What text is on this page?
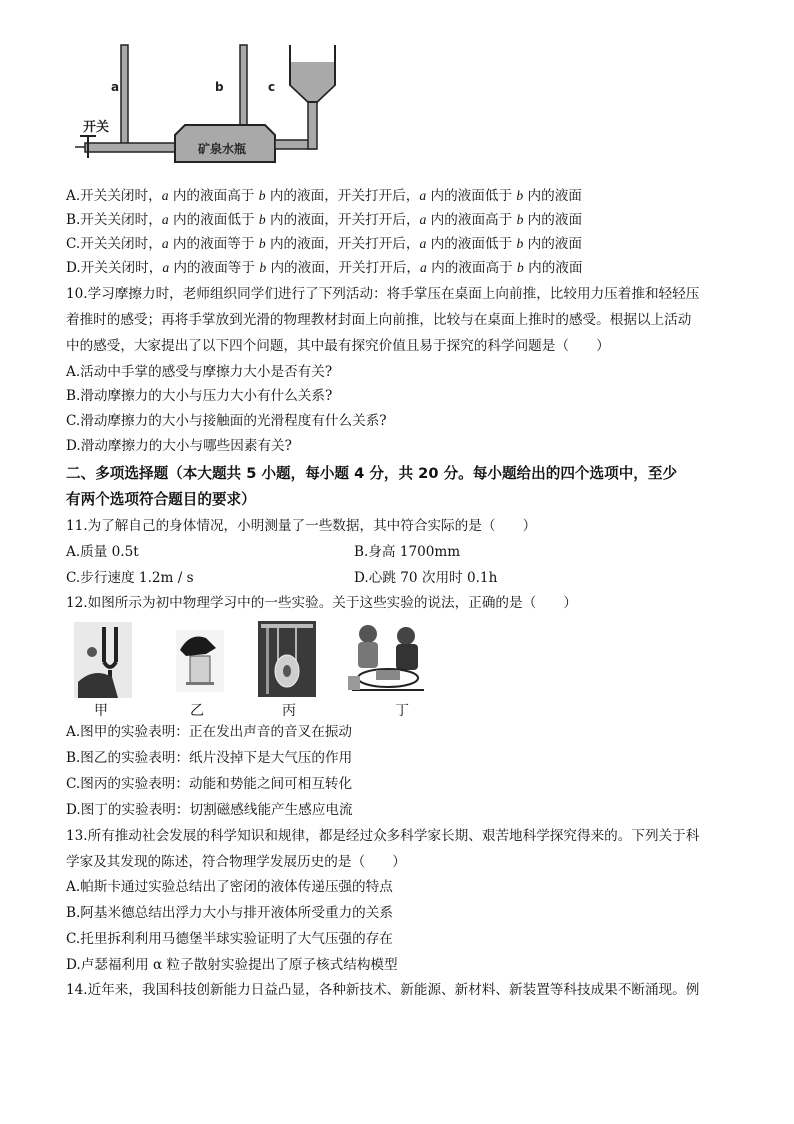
a	b	c
开关
矿泉水瓶
A.开关关闭时，a 内的液面高于 b 内的液面，开关打开后，a 内的液面低于 b 内的液面
B.开关关闭时，a 内的液面低于 b 内的液面，开关打开后，a 内的液面高于 b 内的液面
C.开关关闭时，a 内的液面等于 b 内的液面，开关打开后，a 内的液面低于 b 内的液面
D.开关关闭时，a 内的液面等于 b 内的液面，开关打开后，a 内的液面高于 b 内的液面
10.学习摩擦力时，老师组织同学们进行了下列活动：将手掌压在桌面上向前推，比较用力压着推和轻轻压
着推时的感受；再将手掌放到光滑的物理教材封面上向前推，比较与在桌面上推时的感受。根据以上活动
中的感受，大家提出了以下四个问题，其中最有探究价值且易于探究的科学问题是（　　）
A.活动中手掌的感受与摩擦力大小是否有关?
B.滑动摩擦力的大小与压力大小有什么关系?
C.滑动摩擦力的大小与接触面的光滑程度有什么关系?
D.滑动摩擦力的大小与哪些因素有关?
二、多项选择题（本大题共 5 小题，每小题 4 分，共 20 分。每小题给出的四个选项中，至少
有两个选项符合题目的要求）
11.为了解自己的身体情况，小明测量了一些数据，其中符合实际的是（　　）
A.质量 0.5t	B.身高 1700mm
C.步行速度 1.2m / s	D.心跳 70 次用时 0.1h
12.如图所示为初中物理学习中的一些实验。关于这些实验的说法，正确的是（　　）
甲	乙	丙	丁
A.图甲的实验表明：正在发出声音的音叉在振动
B.图乙的实验表明：纸片没掉下是大气压的作用
C.图丙的实验表明：动能和势能之间可相互转化
D.图丁的实验表明：切割磁感线能产生感应电流
13.所有推动社会发展的科学知识和规律，都是经过众多科学家长期、艰苦地科学探究得来的。下列关于科
学家及其发现的陈述，符合物理学发展历史的是（　　）
A.帕斯卡通过实验总结出了密闭的液体传递压强的特点
B.阿基米德总结出浮力大小与排开液体所受重力的关系
C.托里拆利利用马德堡半球实验证明了大气压强的存在
D.卢瑟福利用 α 粒子散射实验提出了原子核式结构模型
14.近年来，我国科技创新能力日益凸显，各种新技术、新能源、新材料、新装置等科技成果不断涌现。例
